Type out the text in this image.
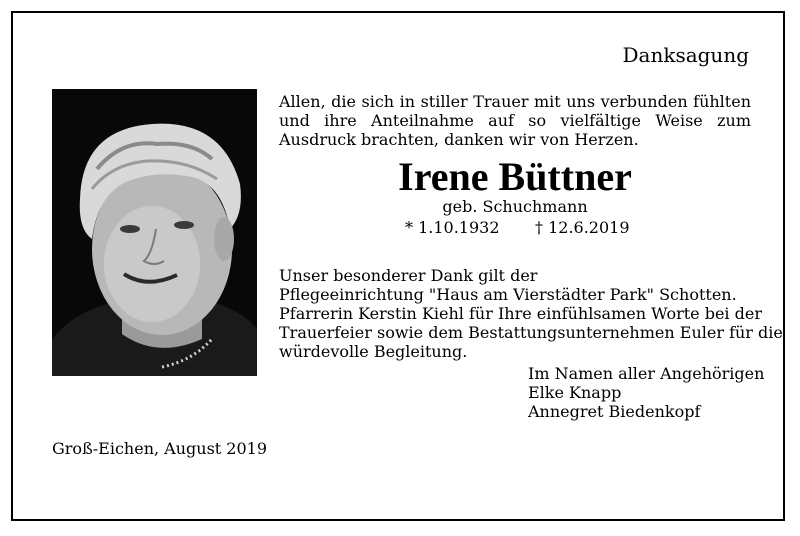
Danksagung
Allen, die sich in stiller Trauer mit uns verbunden fühlten und ihre Anteilnahme auf so vielfältige Weise zum Ausdruck brachten, danken wir von Herzen.
Irene Büttner
geb. Schuchmann
* 1.10.1932 † 12.6.2019
Unser besonderer Dank gilt der
Pflegeeinrichtung "Haus am Vierstädter Park" Schotten.
Pfarrerin Kerstin Kiehl für Ihre einfühlsamen Worte bei der
Trauerfeier sowie dem Bestattungsunternehmen Euler für die
würdevolle Begleitung.
Im Namen aller Angehörigen
Elke Knapp
Annegret Biedenkopf
Groß-Eichen, August 2019
